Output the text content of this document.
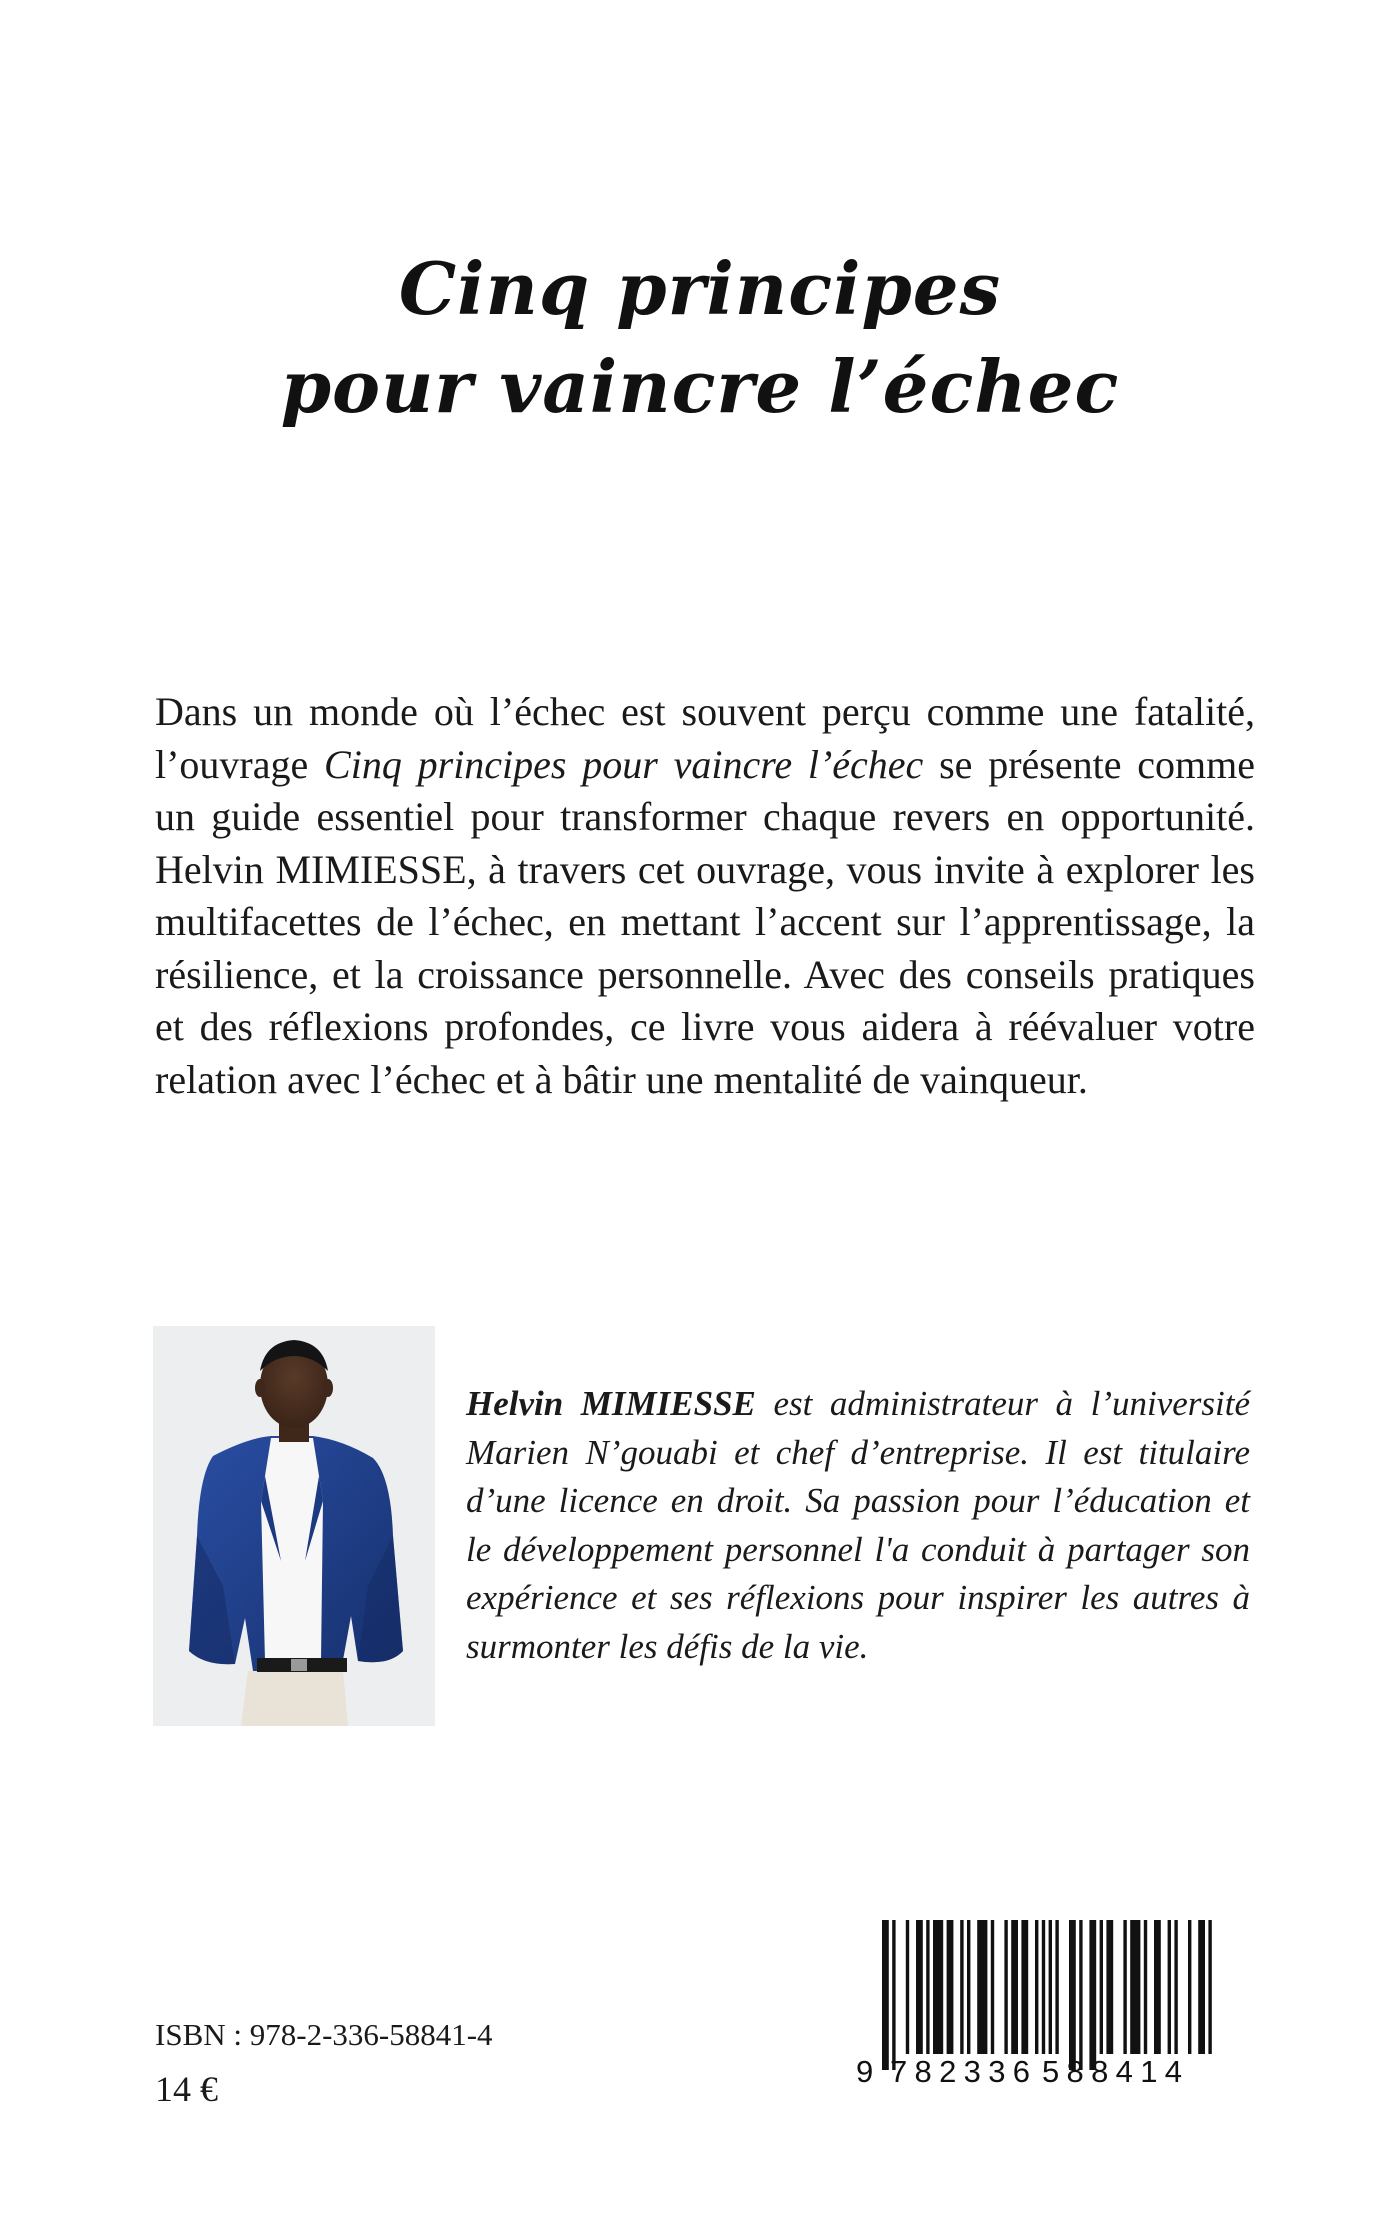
Cinq principes
pour vaincre l’échec

Dans un monde où l’échec est souvent perçu comme une fatalité, l’ouvrage Cinq principes pour vaincre l’échec se présente comme un guide essentiel pour transformer chaque revers en opportunité. Helvin MIMIESSE, à travers cet ouvrage, vous invite à explorer les multifacettes de l’échec, en mettant l’accent sur l’apprentissage, la résilience, et la croissance personnelle. Avec des conseils pratiques et des réflexions profondes, ce livre vous aidera à réévaluer votre relation avec l’échec et à bâtir une mentalité de vainqueur.

Helvin MIMIESSE est administrateur à l’université Marien N’gouabi et chef d’entreprise. Il est titulaire d’une licence en droit. Sa passion pour l’éducation et le développement personnel l'a conduit à partager son expérience et ses réflexions pour inspirer les autres à surmonter les défis de la vie.

ISBN : 978-2-336-58841-4
14 €	9 782336 588414
